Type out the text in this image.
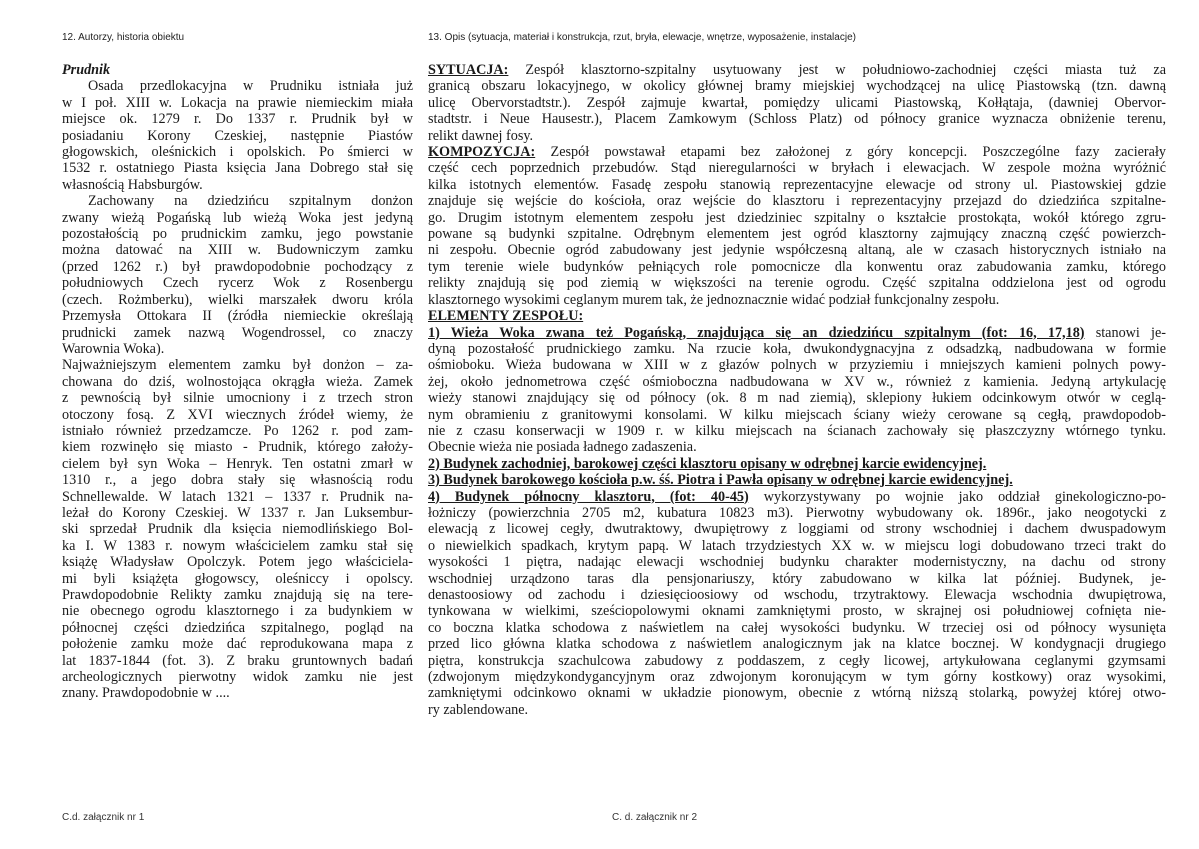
12. Autorzy, historia obiektu	13. Opis (sytuacja, materiał i konstrukcja, rzut, bryła, elewacje, wnętrze, wyposażenie, instalacje)
Prudnik
Osada przedlokacyjna w Prudniku istniała już
w I poł. XIII w. Lokacja na prawie niemieckim miała
miejsce ok. 1279 r. Do 1337 r. Prudnik był w
posiadaniu Korony Czeskiej, następnie Piastów
głogowskich, oleśnickich i opolskich. Po śmierci w
1532 r. ostatniego Piasta księcia Jana Dobrego stał się
własnością Habsburgów.
Zachowany na dziedzińcu szpitalnym donżon
zwany wieżą Pogańską lub wieżą Woka jest jedyną
pozostałością po prudnickim zamku, jego powstanie
można datować na XIII w. Budowniczym zamku
(przed 1262 r.) był prawdopodobnie pochodzący z
południowych Czech rycerz Wok z Rosenbergu
(czech. Rożmberku), wielki marszałek dworu króla
Przemysła Ottokara II (źródła niemieckie określają
prudnicki zamek nazwą Wogendrossel, co znaczy
Warownia Woka).
Najważniejszym elementem zamku był donżon – za-
chowana do dziś, wolnostojąca okrągła wieża. Zamek
z pewnością był silnie umocniony i z trzech stron
otoczony fosą. Z XVI wiecznych źródeł wiemy, że
istniało również przedzamcze. Po 1262 r. pod zam-
kiem rozwinęło się miasto - Prudnik, którego założy-
cielem był syn Woka – Henryk. Ten ostatni zmarł w
1310 r., a jego dobra stały się własnością rodu
Schnellewalde. W latach 1321 – 1337 r. Prudnik na-
leżał do Korony Czeskiej. W 1337 r. Jan Luksembur-
ski sprzedał Prudnik dla księcia niemodlińskiego Bol-
ka I. W 1383 r. nowym właścicielem zamku stał się
książę Władysław Opolczyk. Potem jego właściciela-
mi byli książęta głogowscy, oleśniccy i opolscy.
Prawdopodobnie Relikty zamku znajdują się na tere-
nie obecnego ogrodu klasztornego i za budynkiem w
północnej części dziedzińca szpitalnego, pogląd na
położenie zamku może dać reprodukowana mapa z
lat 1837-1844 (fot. 3). Z braku gruntownych badań
archeologicznych pierwotny widok zamku nie jest
znany. Prawdopodobnie w ....
SYTUACJA: Zespół klasztorno-szpitalny usytuowany jest w południowo-zachodniej części miasta tuż za
granicą obszaru lokacyjnego, w okolicy głównej bramy miejskiej wychodzącej na ulicę Piastowską (tzn. dawną
ulicę Obervorstadtstr.). Zespół zajmuje kwartał, pomiędzy ulicami Piastowską, Kołłątaja, (dawniej Obervor-
stadtstr. i Neue Hausestr.), Placem Zamkowym (Schloss Platz) od północy granice wyznacza obniżenie terenu,
relikt dawnej fosy.
KOMPOZYCJA: Zespół powstawał etapami bez założonej z góry koncepcji. Poszczególne fazy zacierały
część cech poprzednich przebudów. Stąd nieregularności w bryłach i elewacjach. W zespole można wyróżnić
kilka istotnych elementów. Fasadę zespołu stanowią reprezentacyjne elewacje od strony ul. Piastowskiej gdzie
znajduje się wejście do kościoła, oraz wejście do klasztoru i reprezentacyjny przejazd do dziedzińca szpitalne-
go. Drugim istotnym elementem zespołu jest dziedziniec szpitalny o kształcie prostokąta, wokół którego zgru-
powane są budynki szpitalne. Odrębnym elementem jest ogród klasztorny zajmujący znaczną część powierzch-
ni zespołu. Obecnie ogród zabudowany jest jedynie współczesną altaną, ale w czasach historycznych istniało na
tym terenie wiele budynków pełniących role pomocnicze dla konwentu oraz zabudowania zamku, którego
relikty znajdują się pod ziemią w większości na terenie ogrodu. Część szpitalna oddzielona jest od ogrodu
klasztornego wysokimi ceglanym murem tak, że jednoznacznie widać podział funkcjonalny zespołu.
ELEMENTY ZESPOŁU:
1) Wieża Woka zwana też Pogańską, znajdująca się an dziedzińcu szpitalnym (fot: 16, 17,18) stanowi je-
dyną pozostałość prudnickiego zamku. Na rzucie koła, dwukondygnacyjna z odsadzką, nadbudowana w formie
ośmioboku. Wieża budowana w XIII w z głazów polnych w przyziemiu i mniejszych kamieni polnych powy-
żej, około jednometrowa część ośmioboczna nadbudowana w XV w., również z kamienia. Jedyną artykulację
wieży stanowi znajdujący się od północy (ok. 8 m nad ziemią), sklepiony łukiem odcinkowym otwór w ceglą-
nym obramieniu z granitowymi konsolami. W kilku miejscach ściany wieży cerowane są cegłą, prawdopodob-
nie z czasu konserwacji w 1909 r. w kilku miejscach na ścianach zachowały się płaszczyzny wtórnego tynku.
Obecnie wieża nie posiada ładnego zadaszenia.
2) Budynek zachodniej, barokowej części klasztoru opisany w odrębnej karcie ewidencyjnej.
3) Budynek barokowego kościoła p.w. śś. Piotra i Pawła opisany w odrębnej karcie ewidencyjnej.
4) Budynek północny klasztoru, (fot: 40-45) wykorzystywany po wojnie jako oddział ginekologiczno-po-
łożniczy (powierzchnia 2705 m2, kubatura 10823 m3). Pierwotny wybudowany ok. 1896r., jako neogotycki z
elewacją z licowej cegły, dwutraktowy, dwupiętrowy z loggiami od strony wschodniej i dachem dwuspadowym
o niewielkich spadkach, krytym papą. W latach trzydziestych XX w. w miejscu logi dobudowano trzeci trakt do
wysokości 1 piętra, nadając elewacji wschodniej budynku charakter modernistyczny, na dachu od strony
wschodniej urządzono taras dla pensjonariuszy, który zabudowano w kilka lat później. Budynek, je-
denastoosiowy od zachodu i dziesięcioosiowy od wschodu, trzytraktowy. Elewacja wschodnia dwupiętrowa,
tynkowana w wielkimi, sześciopolowymi oknami zamkniętymi prosto, w skrajnej osi południowej cofnięta nie-
co boczna klatka schodowa z naświetlem na całej wysokości budynku. W trzeciej osi od północy wysunięta
przed lico główna klatka schodowa z naświetlem analogicznym jak na klatce bocznej. W kondygnacji drugiego
piętra, konstrukcja szachulcowa zabudowy z poddaszem, z cegły licowej, artykułowana ceglanymi gzymsami
(zdwojonym międzykondygancyjnym oraz zdwojonym koronującym w tym górny kostkowy) oraz wysokimi,
zamkniętymi odcinkowo oknami w układzie pionowym, obecnie z wtórną niższą stolarką, powyżej której otwo-
ry zablendowane.
C.d. załącznik nr 1	C. d. załącznik nr 2
